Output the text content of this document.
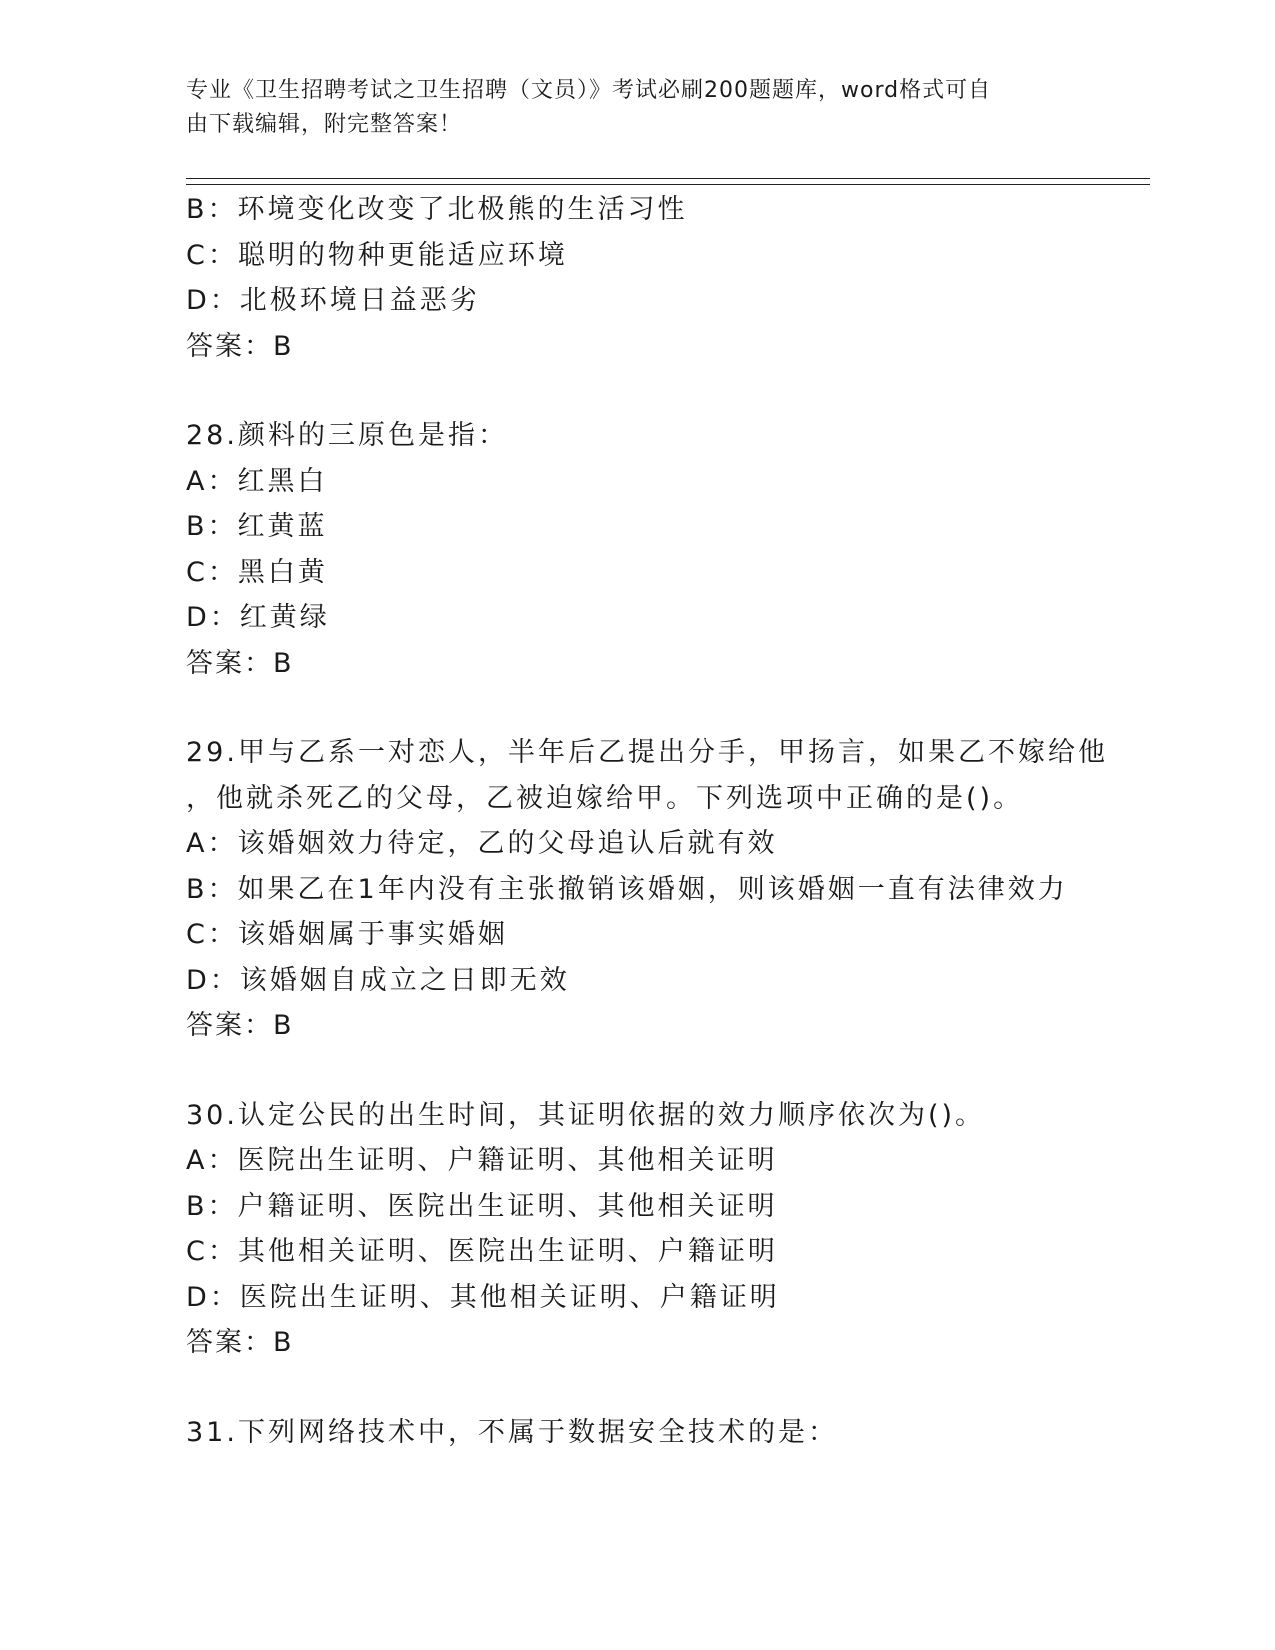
专业《卫生招聘考试之卫生招聘（文员）》考试必刷200题题库，word格式可自
由下载编辑，附完整答案！
B：环境变化改变了北极熊的生活习性
C：聪明的物种更能适应环境
D：北极环境日益恶劣
答案：B
28.颜料的三原色是指：
A：红黑白
B：红黄蓝
C：黑白黄
D：红黄绿
答案：B
29.甲与乙系一对恋人，半年后乙提出分手，甲扬言，如果乙不嫁给他
，他就杀死乙的父母，乙被迫嫁给甲。下列选项中正确的是()。
A：该婚姻效力待定，乙的父母追认后就有效
B：如果乙在1年内没有主张撤销该婚姻，则该婚姻一直有法律效力
C：该婚姻属于事实婚姻
D：该婚姻自成立之日即无效
答案：B
30.认定公民的出生时间，其证明依据的效力顺序依次为()。
A：医院出生证明、户籍证明、其他相关证明
B：户籍证明、医院出生证明、其他相关证明
C：其他相关证明、医院出生证明、户籍证明
D：医院出生证明、其他相关证明、户籍证明
答案：B
31.下列网络技术中，不属于数据安全技术的是：
